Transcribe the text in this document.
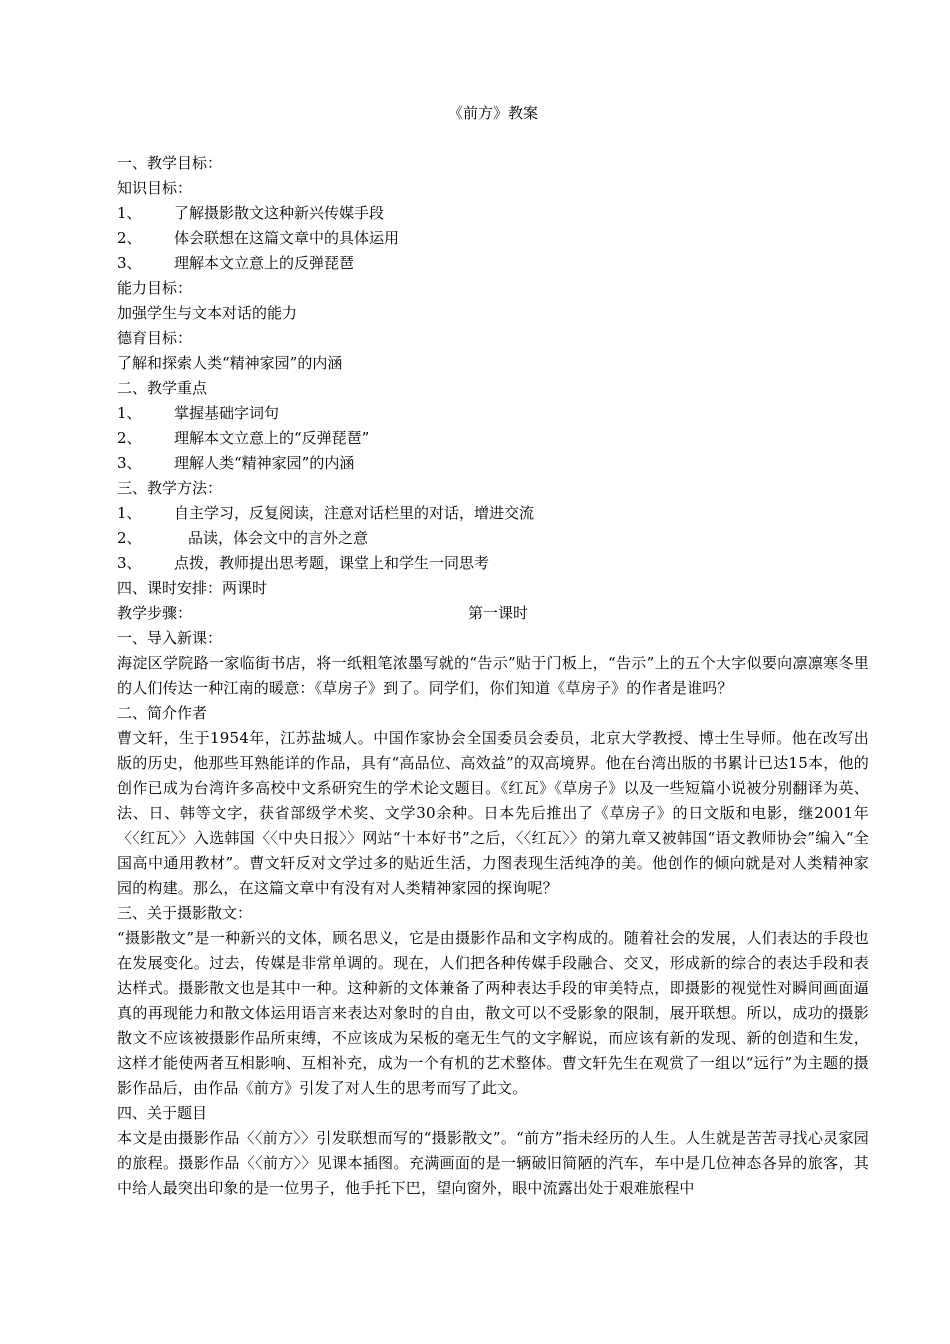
《前方》教案
一、教学目标：
知识目标：
1、 了解摄影散文这种新兴传媒手段
2、 体会联想在这篇文章中的具体运用
3、 理解本文立意上的反弹琵琶
能力目标：
加强学生与文本对话的能力
德育目标：
了解和探索人类“精神家园”的内涵
二、教学重点
1、 掌握基础字词句
2、 理解本文立意上的“反弹琵琶”
3、 理解人类“精神家园”的内涵
三、教学方法：
1、 自主学习，反复阅读，注意对话栏里的对话，增进交流
2、	品读，体会文中的言外之意
3、 点拨，教师提出思考题，课堂上和学生一同思考
四、课时安排：两课时
教学步骤：	第一课时
一、导入新课：
海淀区学院路一家临街书店，将一纸粗笔浓墨写就的“告示”贴于门板上，“告示”上的五个大字似要向凛凛寒冬里的人们传达一种江南的暖意：《草房子》到了。同学们，你们知道《草房子》的作者是谁吗？
二、简介作者
曹文轩，生于1954年，江苏盐城人。中国作家协会全国委员会委员，北京大学教授、博士生导师。他在改写出版的历史，他那些耳熟能详的作品，具有“高品位、高效益”的双高境界。他在台湾出版的书累计已达15本，他的创作已成为台湾许多高校中文系研究生的学术论文题目。《红瓦》《草房子》以及一些短篇小说被分别翻译为英、法、日、韩等文字，获省部级学术奖、文学30余种。日本先后推出了《草房子》的日文版和电影，继2001年〈〈红瓦〉〉入选韩国〈〈中央日报〉〉网站“十本好书”之后，〈〈红瓦〉〉的第九章又被韩国“语文教师协会”编入“全国高中通用教材”。曹文轩反对文学过多的贴近生活，力图表现生活纯净的美。他创作的倾向就是对人类精神家园的构建。那么，在这篇文章中有没有对人类精神家园的探询呢？
三、关于摄影散文：
“摄影散文”是一种新兴的文体，顾名思义，它是由摄影作品和文字构成的。随着社会的发展，人们表达的手段也在发展变化。过去，传媒是非常单调的。现在，人们把各种传媒手段融合、交叉，形成新的综合的表达手段和表达样式。摄影散文也是其中一种。这种新的文体兼备了两种表达手段的审美特点，即摄影的视觉性对瞬间画面逼真的再现能力和散文体运用语言来表达对象时的自由，散文可以不受影象的限制，展开联想。所以，成功的摄影散文不应该被摄影作品所束缚，不应该成为呆板的毫无生气的文字解说，而应该有新的发现、新的创造和生发，这样才能使两者互相影响、互相补充，成为一个有机的艺术整体。曹文轩先生在观赏了一组以“远行”为主题的摄影作品后，由作品《前方》引发了对人生的思考而写了此文。
四、关于题目
本文是由摄影作品〈〈前方〉〉引发联想而写的“摄影散文”。“前方”指未经历的人生。人生就是苦苦寻找心灵家园的旅程。摄影作品〈〈前方〉〉见课本插图。充满画面的是一辆破旧简陋的汽车，车中是几位神态各异的旅客，其中给人最突出印象的是一位男子，他手托下巴，望向窗外，眼中流露出处于艰难旅程中
